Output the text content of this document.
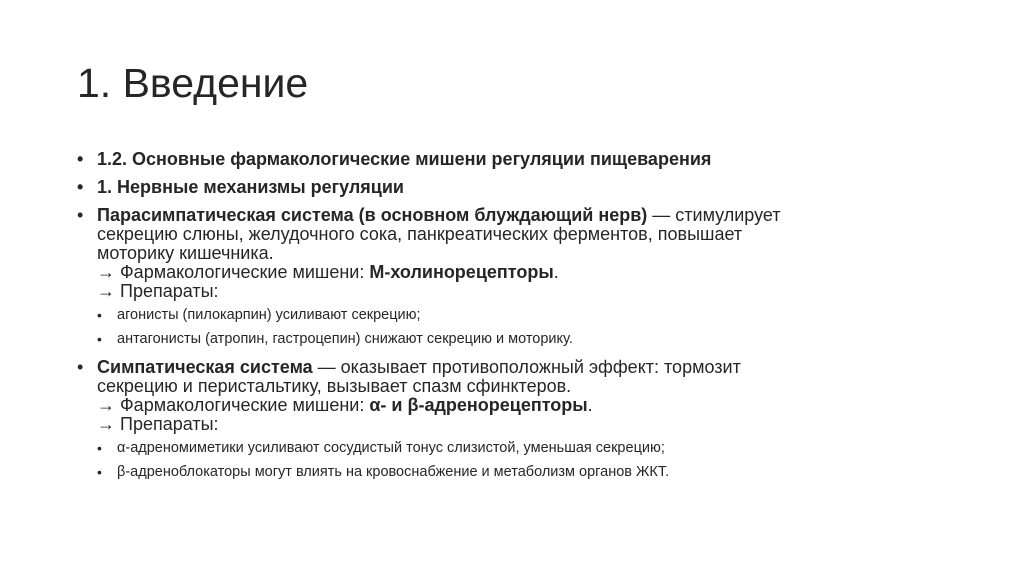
1. Введение
• 1.2. Основные фармакологические мишени регуляции пищеварения
• 1. Нервные механизмы регуляции
• Парасимпатическая система (в основном блуждающий нерв) — стимулирует
секрецию слюны, желудочного сока, панкреатических ферментов, повышает
моторику кишечника.
→ Фармакологические мишени: М-холинорецепторы.
→ Препараты:
• агонисты (пилокарпин) усиливают секрецию;
• антагонисты (атропин, гастроцепин) снижают секрецию и моторику.
• Симпатическая система — оказывает противоположный эффект: тормозит
секрецию и перистальтику, вызывает спазм сфинктеров.
→ Фармакологические мишени: α- и β-адренорецепторы.
→ Препараты:
• α-адреномиметики усиливают сосудистый тонус слизистой, уменьшая секрецию;
• β-адреноблокаторы могут влиять на кровоснабжение и метаболизм органов ЖКТ.
